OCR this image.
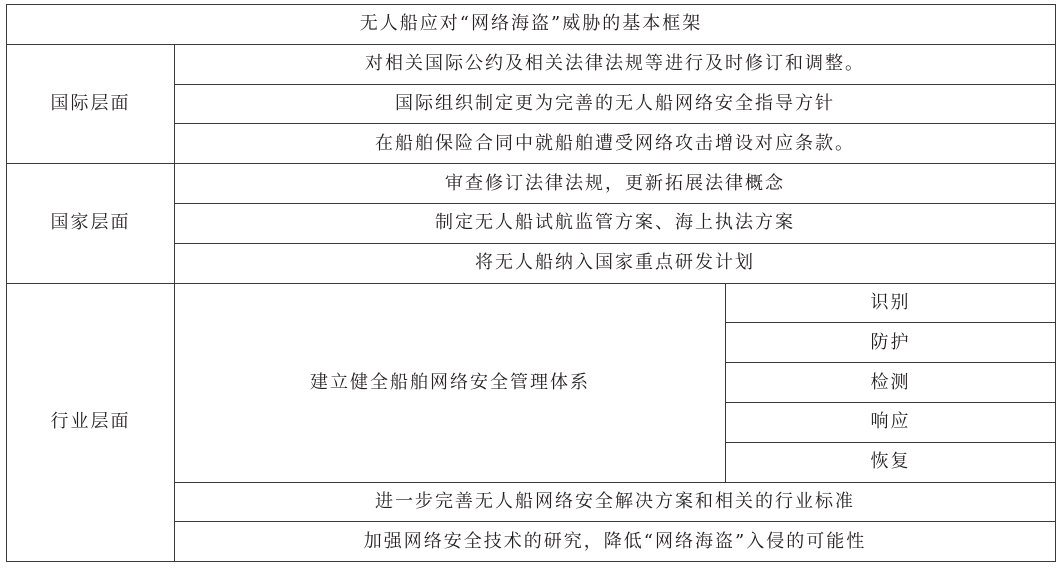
无人船应对“网络海盗”威胁的基本框架		
国际层面	对相关国际公约及相关法律法规等进行及时修订和调整。	
	国际组织制定更为完善的无人船网络安全指导方针	
	在船舶保险合同中就船舶遭受网络攻击增设对应条款。	
国家层面	审查修订法律法规，更新拓展法律概念	
	制定无人船试航监管方案、海上执法方案	
	将无人船纳入国家重点研发计划	
行业层面	建立健全船舶网络安全管理体系	识别
		防护
		检测
		响应
		恢复
	进一步完善无人船网络安全解决方案和相关的行业标准	
	加强网络安全技术的研究，降低“网络海盗”入侵的可能性	
